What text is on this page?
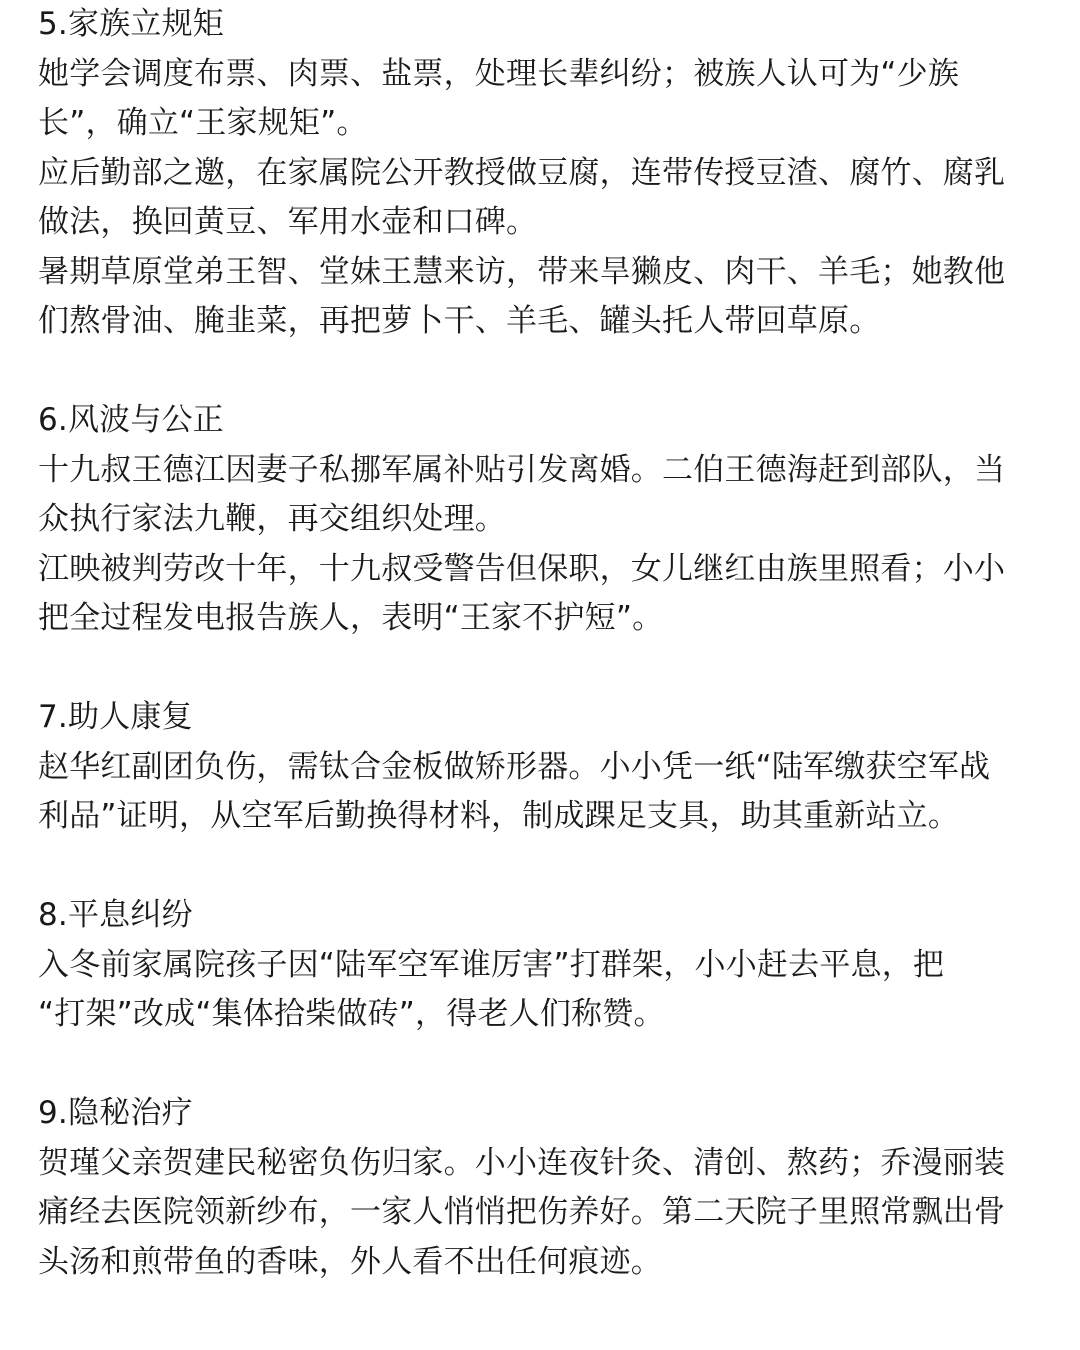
5.家族立规矩
她学会调度布票、肉票、盐票，处理长辈纠纷；被族人认可为“少族
长”，确立“王家规矩”。
应后勤部之邀，在家属院公开教授做豆腐，连带传授豆渣、腐竹、腐乳
做法，换回黄豆、军用水壶和口碑。
暑期草原堂弟王智、堂妹王慧来访，带来旱獭皮、肉干、羊毛；她教他
们熬骨油、腌韭菜，再把萝卜干、羊毛、罐头托人带回草原。
6.风波与公正
十九叔王德江因妻子私挪军属补贴引发离婚。二伯王德海赶到部队，当
众执行家法九鞭，再交组织处理。
江映被判劳改十年，十九叔受警告但保职，女儿继红由族里照看；小小
把全过程发电报告族人，表明“王家不护短”。
7.助人康复
赵华红副团负伤，需钛合金板做矫形器。小小凭一纸“陆军缴获空军战
利品”证明，从空军后勤换得材料，制成踝足支具，助其重新站立。
8.平息纠纷
入冬前家属院孩子因“陆军空军谁厉害”打群架，小小赶去平息，把
“打架”改成“集体拾柴做砖”，得老人们称赞。
9.隐秘治疗
贺瑾父亲贺建民秘密负伤归家。小小连夜针灸、清创、熬药；乔漫丽装
痛经去医院领新纱布，一家人悄悄把伤养好。第二天院子里照常飘出骨
头汤和煎带鱼的香味，外人看不出任何痕迹。
